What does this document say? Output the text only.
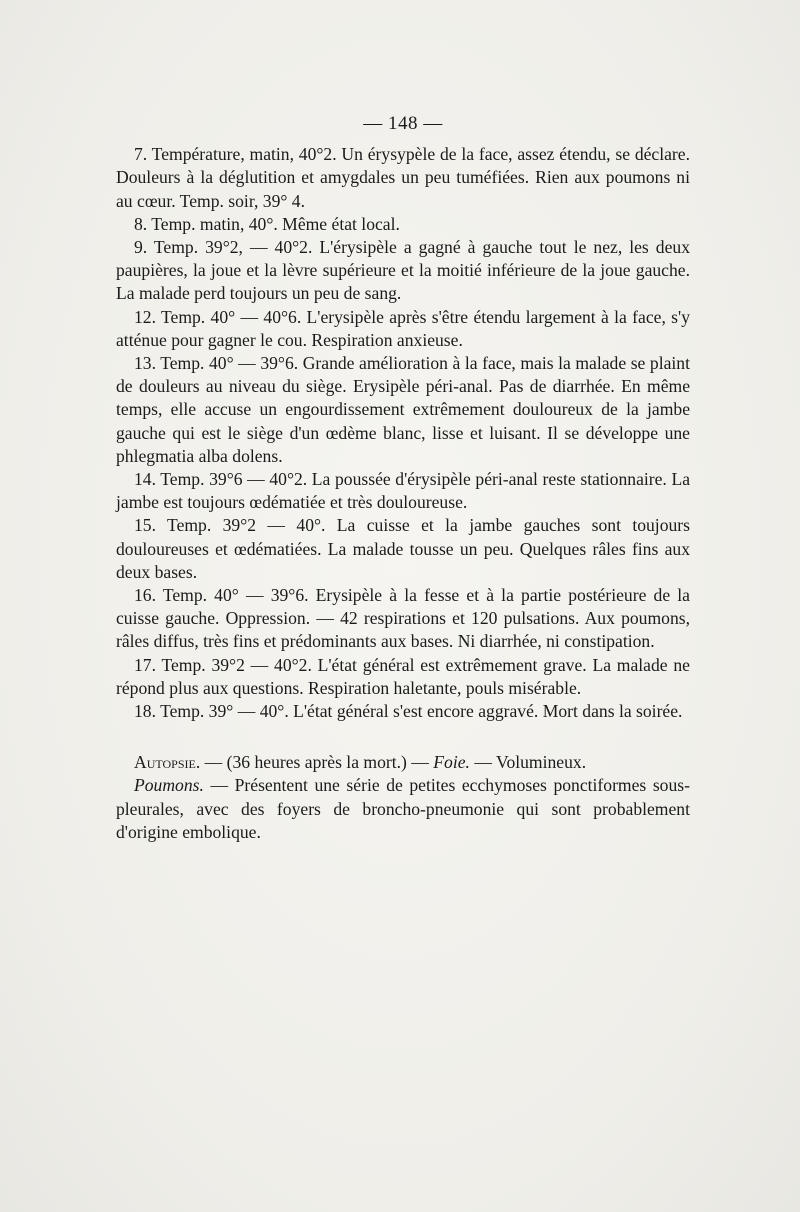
— 148 —

7. Température, matin, 40°2. Un érysypèle de la face, assez étendu, se déclare. Douleurs à la déglutition et amygdales un peu tuméfiées. Rien aux poumons ni au cœur. Temp. soir, 39° 4.

8. Temp. matin, 40°. Même état local.

9. Temp. 39°2, — 40°2. L'érysipèle a gagné à gauche tout le nez, les deux paupières, la joue et la lèvre supérieure et la moitié inférieure de la joue gauche. La malade perd toujours un peu de sang.

12. Temp. 40° — 40°6. L'erysipèle après s'être étendu largement à la face, s'y atténue pour gagner le cou. Respiration anxieuse.

13. Temp. 40° — 39°6. Grande amélioration à la face, mais la malade se plaint de douleurs au niveau du siège. Erysipèle péri-anal. Pas de diarrhée. En même temps, elle accuse un engourdissement extrêmement douloureux de la jambe gauche qui est le siège d'un œdème blanc, lisse et luisant. Il se développe une phlegmatia alba dolens.

14. Temp. 39°6 — 40°2. La poussée d'érysipèle péri-anal reste stationnaire. La jambe est toujours œdématiée et très douloureuse.

15. Temp. 39°2 — 40°. La cuisse et la jambe gauches sont toujours douloureuses et œdématiées. La malade tousse un peu. Quelques râles fins aux deux bases.

16. Temp. 40° — 39°6. Erysipèle à la fesse et à la partie postérieure de la cuisse gauche. Oppression. — 42 respirations et 120 pulsations. Aux poumons, râles diffus, très fins et prédominants aux bases. Ni diarrhée, ni constipation.

17. Temp. 39°2 — 40°2. L'état général est extrêmement grave. La malade ne répond plus aux questions. Respiration haletante, pouls misérable.

18. Temp. 39° — 40°. L'état général s'est encore aggravé. Mort dans la soirée.

Autopsie. — (36 heures après la mort.) — Foie. — Volumineux.

Poumons. — Présentent une série de petites ecchymoses ponctiformes sous-pleurales, avec des foyers de broncho-pneumonie qui sont probablement d'origine embolique.
